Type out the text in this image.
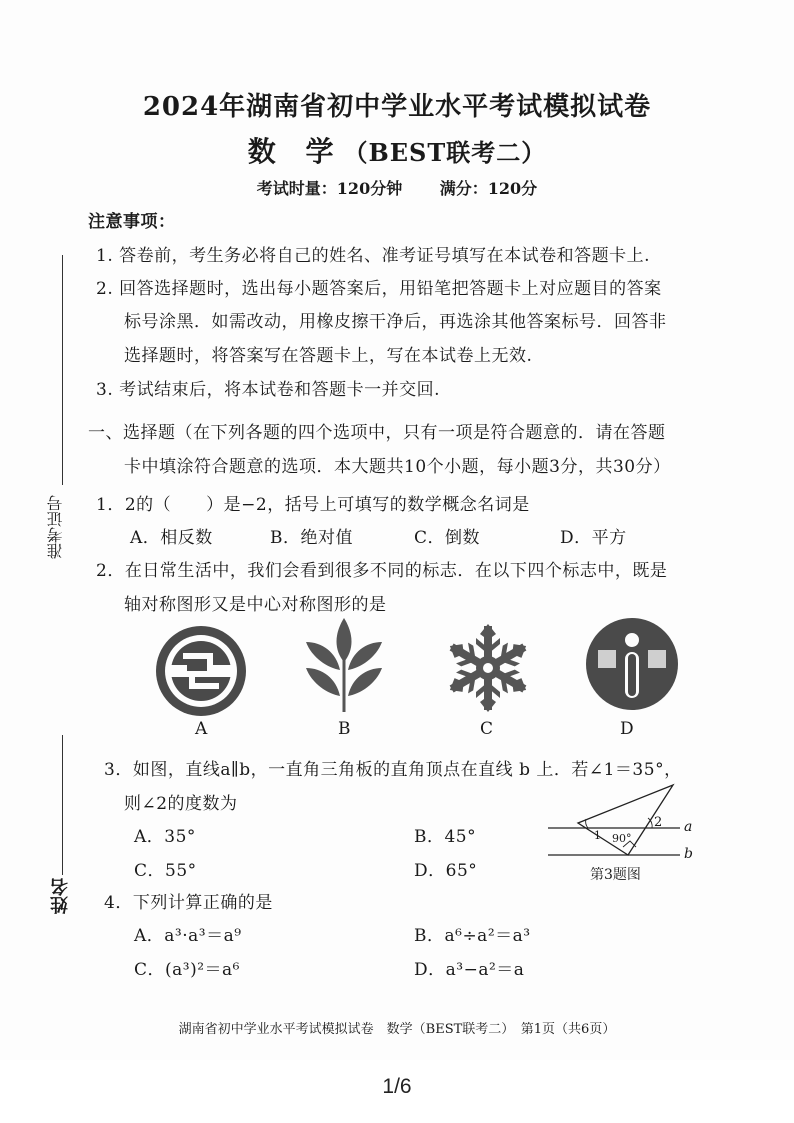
2024年湖南省初中学业水平考试模拟试卷
数 学（BEST联考二）
考试时量：120分钟 满分：120分
准考证号
姓名
注意事项：
1. 答卷前，考生务必将自己的姓名、准考证号填写在本试卷和答题卡上.
2. 回答选择题时，选出每小题答案后，用铅笔把答题卡上对应题目的答案
标号涂黑．如需改动，用橡皮擦干净后，再选涂其他答案标号．回答非
选择题时，将答案写在答题卡上，写在本试卷上无效.
3. 考试结束后，将本试卷和答题卡一并交回.
一、选择题（在下列各题的四个选项中，只有一项是符合题意的．请在答题
卡中填涂符合题意的选项．本大题共10个小题，每小题3分，共30分）
1．2的（　　）是−2，括号上可填写的数学概念名词是
A．相反数	B．绝对值	C．倒数	D．平方
2．在日常生活中，我们会看到很多不同的标志．在以下四个标志中，既是
轴对称图形又是中心对称图形的是
A	B	C	D
3．如图，直线a∥b，一直角三角板的直角顶点在直线 b 上．若∠1＝35°，
则∠2的度数为
A．35°	B．45°
C．55°	D．65°
a
b
1
2
90°
第3题图
4．下列计算正确的是
A．a³·a³＝a⁹	B．a⁶÷a²＝a³
C．(a³)²＝a⁶	D．a³−a²＝a
湖南省初中学业水平考试模拟试卷　数学（BEST联考二）　第1页（共6页）
1/6
